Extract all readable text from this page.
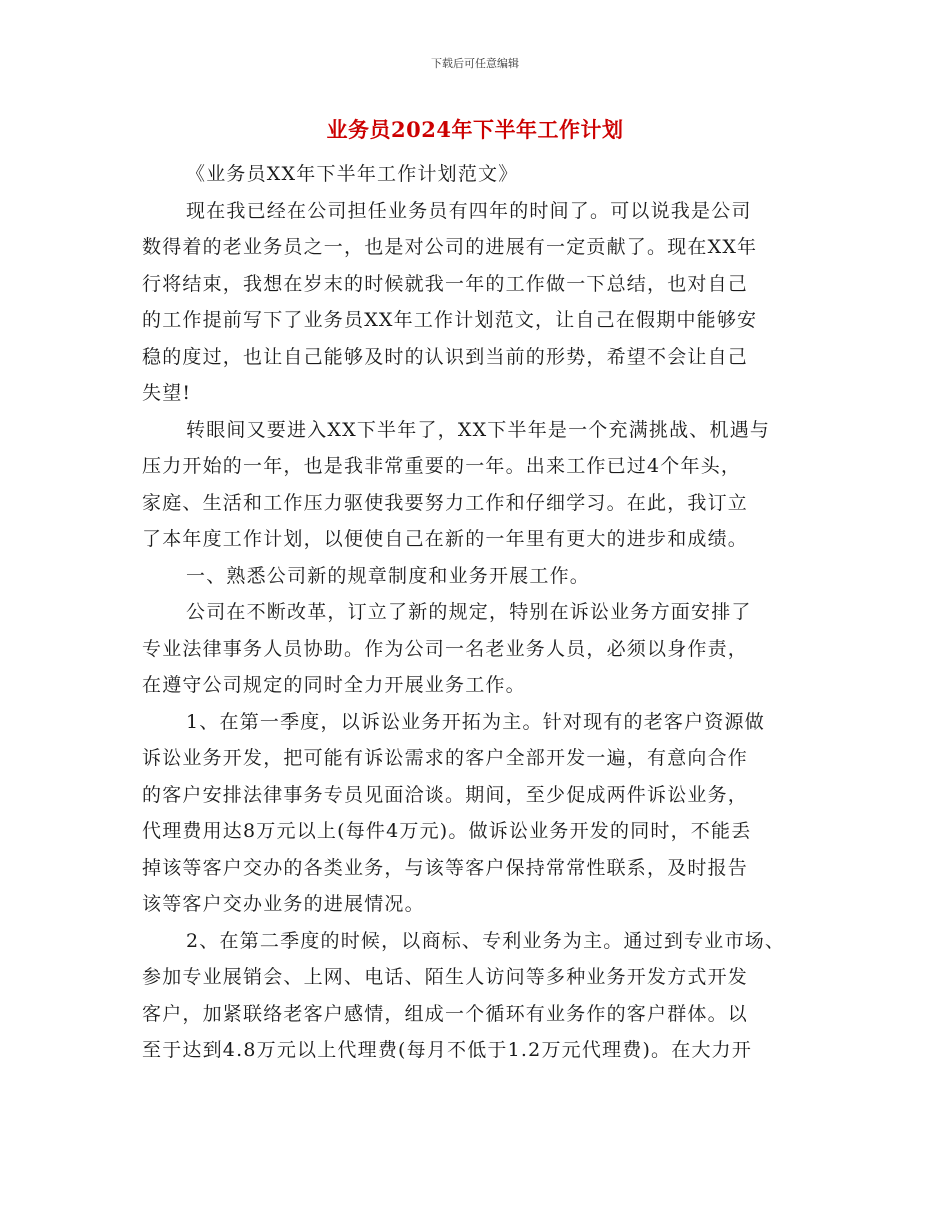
下载后可任意编辑
业务员2024年下半年工作计划
《业务员XX年下半年工作计划范文》
现在我已经在公司担任业务员有四年的时间了。可以说我是公司
数得着的老业务员之一，也是对公司的进展有一定贡献了。现在XX年
行将结束，我想在岁末的时候就我一年的工作做一下总结，也对自己
的工作提前写下了业务员XX年工作计划范文，让自己在假期中能够安
稳的度过，也让自己能够及时的认识到当前的形势，希望不会让自己
失望!
转眼间又要进入XX下半年了，XX下半年是一个充满挑战、机遇与
压力开始的一年，也是我非常重要的一年。出来工作已过4个年头，
家庭、生活和工作压力驱使我要努力工作和仔细学习。在此，我订立
了本年度工作计划，以便使自己在新的一年里有更大的进步和成绩。
一、熟悉公司新的规章制度和业务开展工作。
公司在不断改革，订立了新的规定，特别在诉讼业务方面安排了
专业法律事务人员协助。作为公司一名老业务人员，必须以身作责，
在遵守公司规定的同时全力开展业务工作。
1、在第一季度，以诉讼业务开拓为主。针对现有的老客户资源做
诉讼业务开发，把可能有诉讼需求的客户全部开发一遍，有意向合作
的客户安排法律事务专员见面洽谈。期间，至少促成两件诉讼业务，
代理费用达8万元以上(每件4万元)。做诉讼业务开发的同时，不能丢
掉该等客户交办的各类业务，与该等客户保持常常性联系，及时报告
该等客户交办业务的进展情况。
2、在第二季度的时候，以商标、专利业务为主。通过到专业市场、
参加专业展销会、上网、电话、陌生人访问等多种业务开发方式开发
客户，加紧联络老客户感情，组成一个循环有业务作的客户群体。以
至于达到4.8万元以上代理费(每月不低于1.2万元代理费)。在大力开
